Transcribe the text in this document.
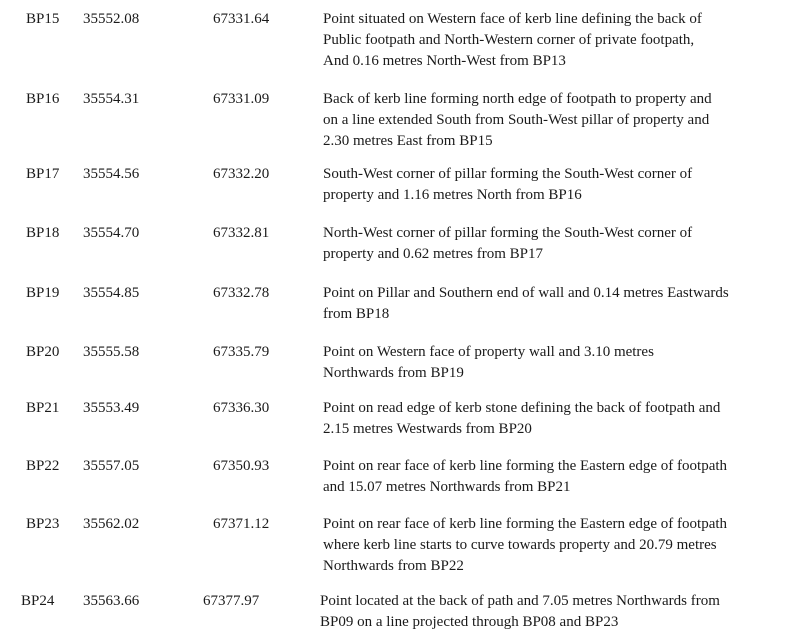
BP15 35552.08	67331.64	Point situated on Western face of kerb line defining the back of
Public footpath and North-Western corner of private footpath,
And 0.16 metres North-West from BP13
BP16 35554.31	67331.09	Back of kerb line forming north edge of footpath to property and
on a line extended South from South-West pillar of property and
2.30 metres East from BP15
BP17 35554.56	67332.20	South-West corner of pillar forming the South-West corner of
property and 1.16 metres North from BP16
BP18 35554.70	67332.81	North-West corner of pillar forming the South-West corner of
property and 0.62 metres from BP17
BP19 35554.85	67332.78	Point on Pillar and Southern end of wall and 0.14 metres Eastwards
from BP18
BP20 35555.58	67335.79	Point on Western face of property wall and 3.10 metres
Northwards from BP19
BP21 35553.49	67336.30	Point on read edge of kerb stone defining the back of footpath and
2.15 metres Westwards from BP20
BP22 35557.05	67350.93	Point on rear face of kerb line forming the Eastern edge of footpath
and 15.07 metres Northwards from BP21
BP23 35562.02	67371.12	Point on rear face of kerb line forming the Eastern edge of footpath
where kerb line starts to curve towards property and 20.79 metres
Northwards from BP22
BP24 35563.66	67377.97	Point located at the back of path and 7.05 metres Northwards from
BP09 on a line projected through BP08 and BP23
